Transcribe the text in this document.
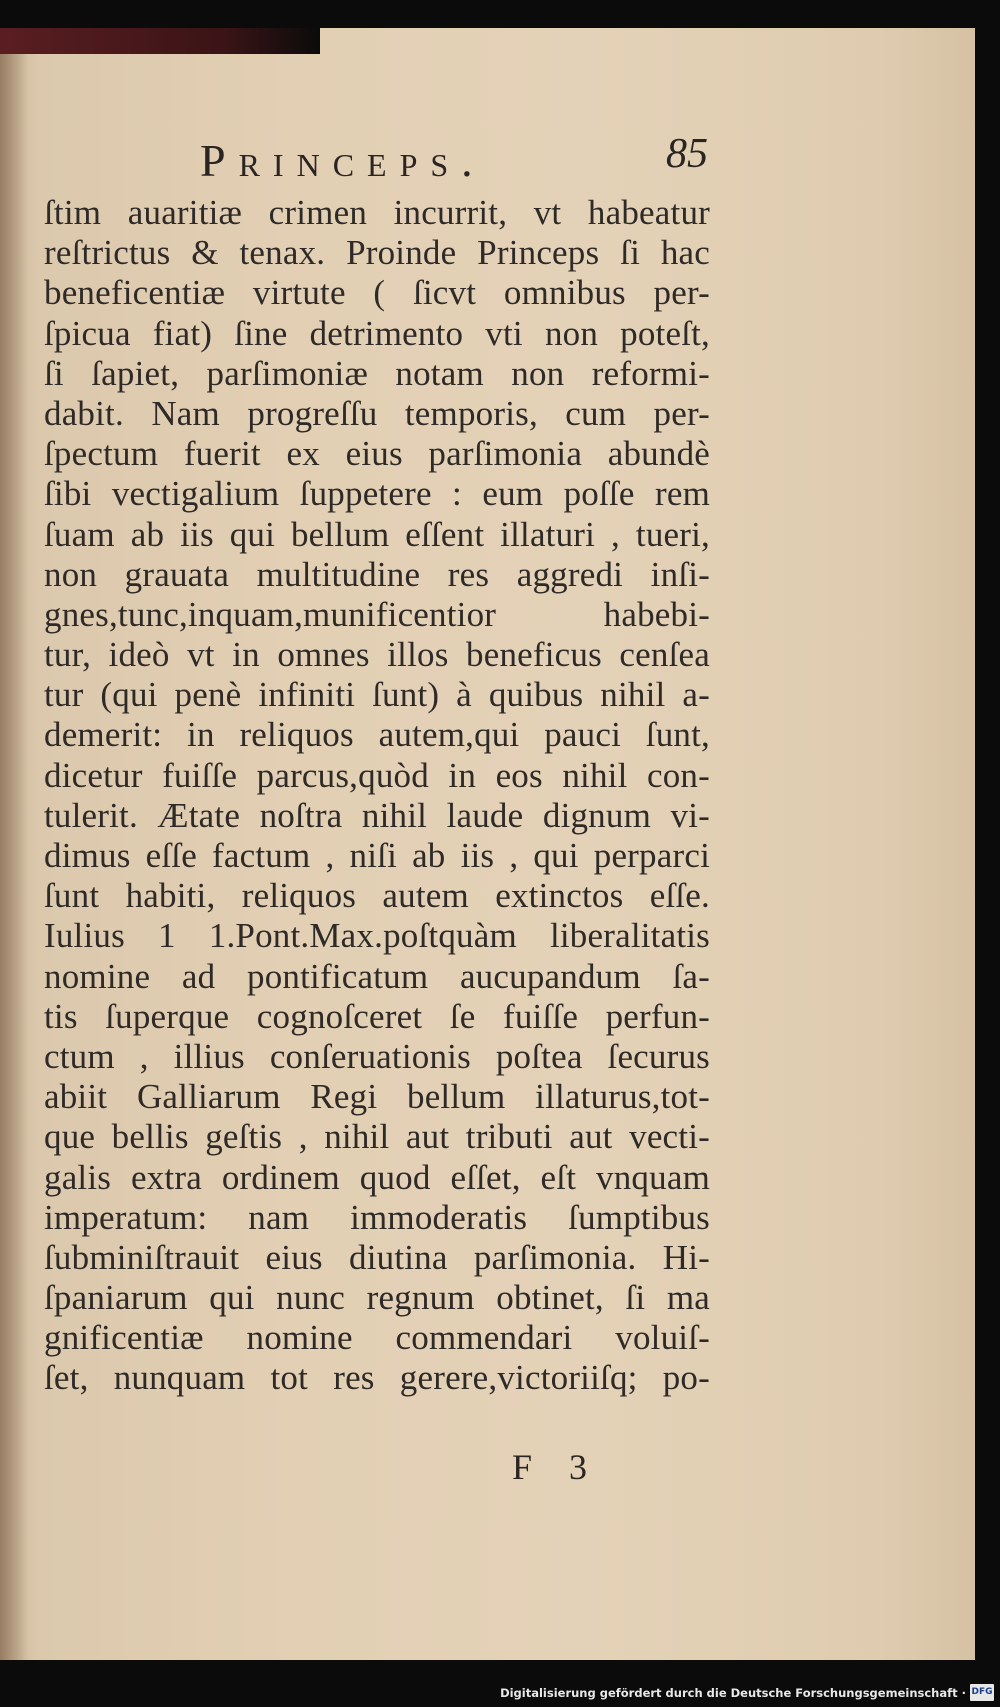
Princeps.	85
ſtim auaritiæ crimen incurrit, vt habeatur
reſtrictus & tenax. Proinde Princeps ſi hac
beneficentiæ virtute ( ſicvt omnibus per-
ſpicua fiat) ſine detrimento vti non poteſt,
ſi ſapiet, parſimoniæ notam non reformi-
dabit. Nam progreſſu temporis, cum per-
ſpectum fuerit ex eius parſimonia abundè
ſibi vectigalium ſuppetere : eum poſſe rem
ſuam ab iis qui bellum eſſent illaturi , tueri,
non grauata multitudine res aggredi inſi-
gnes,tunc,inquam,munificentior habebi-
tur, ideò vt in omnes illos beneficus cenſea
tur (qui penè infiniti ſunt) à quibus nihil a-
demerit: in reliquos autem,qui pauci ſunt,
dicetur fuiſſe parcus,quòd in eos nihil con-
tulerit. Ætate noſtra nihil laude dignum vi-
dimus eſſe factum , niſi ab iis , qui perparci
ſunt habiti, reliquos autem extinctos eſſe.
Iulius 1 1.Pont.Max.poſtquàm liberalitatis
nomine ad pontificatum aucupandum ſa-
tis ſuperque cognoſceret ſe fuiſſe perfun-
ctum , illius conſeruationis poſtea ſecurus
abiit Galliarum Regi bellum illaturus,tot-
que bellis geſtis , nihil aut tributi aut vecti-
galis extra ordinem quod eſſet, eſt vnquam
imperatum: nam immoderatis ſumptibus
ſubminiſtrauit eius diutina parſimonia. Hi-
ſpaniarum qui nunc regnum obtinet, ſi ma
gnificentiæ nomine commendari voluiſ-
ſet, nunquam tot res gerere,victoriiſq; po-
F 3
Digitalisierung gefördert durch die Deutsche Forschungsgemeinschaft · DFG
